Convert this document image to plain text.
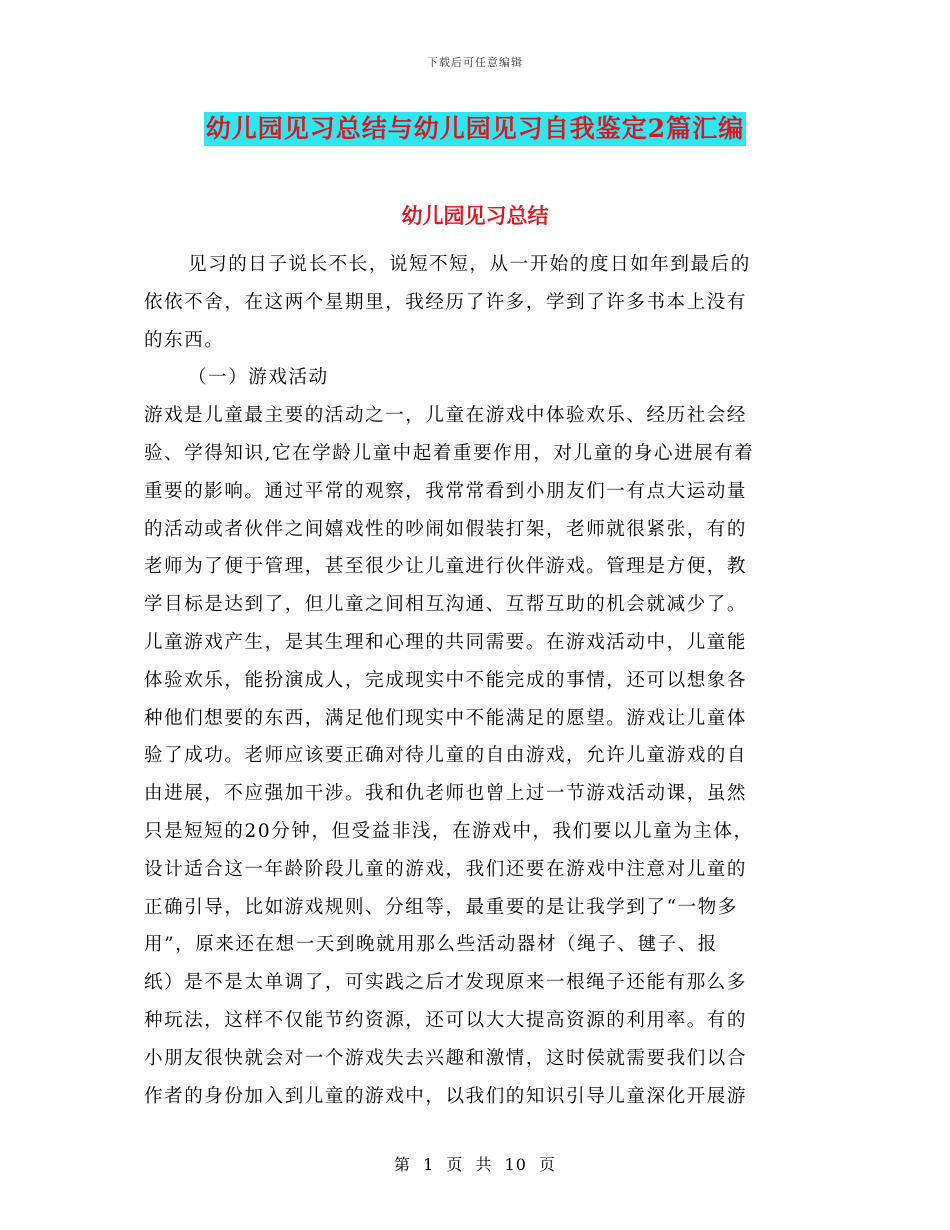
下载后可任意编辑
幼儿园见习总结与幼儿园见习自我鉴定2篇汇编
幼儿园见习总结
见习的日子说长不长，说短不短，从一开始的度日如年到最后的
依依不舍，在这两个星期里，我经历了许多，学到了许多书本上没有
的东西。
（一）游戏活动
游戏是儿童最主要的活动之一，儿童在游戏中体验欢乐、经历社会经
验、学得知识,它在学龄儿童中起着重要作用，对儿童的身心进展有着
重要的影响。通过平常的观察，我常常看到小朋友们一有点大运动量
的活动或者伙伴之间嬉戏性的吵闹如假装打架，老师就很紧张，有的
老师为了便于管理，甚至很少让儿童进行伙伴游戏。管理是方便，教
学目标是达到了，但儿童之间相互沟通、互帮互助的机会就减少了。
儿童游戏产生，是其生理和心理的共同需要。在游戏活动中，儿童能
体验欢乐，能扮演成人，完成现实中不能完成的事情，还可以想象各
种他们想要的东西，满足他们现实中不能满足的愿望。游戏让儿童体
验了成功。老师应该要正确对待儿童的自由游戏，允许儿童游戏的自
由进展，不应强加干涉。我和仇老师也曾上过一节游戏活动课，虽然
只是短短的20分钟，但受益非浅，在游戏中，我们要以儿童为主体，
设计适合这一年龄阶段儿童的游戏，我们还要在游戏中注意对儿童的
正确引导，比如游戏规则、分组等，最重要的是让我学到了“一物多
用”，原来还在想一天到晚就用那么些活动器材（绳子、毽子、报
纸）是不是太单调了，可实践之后才发现原来一根绳子还能有那么多
种玩法，这样不仅能节约资源，还可以大大提高资源的利用率。有的
小朋友很快就会对一个游戏失去兴趣和激情，这时侯就需要我们以合
作者的身份加入到儿童的游戏中，以我们的知识引导儿童深化开展游
第 1 页 共 10 页
